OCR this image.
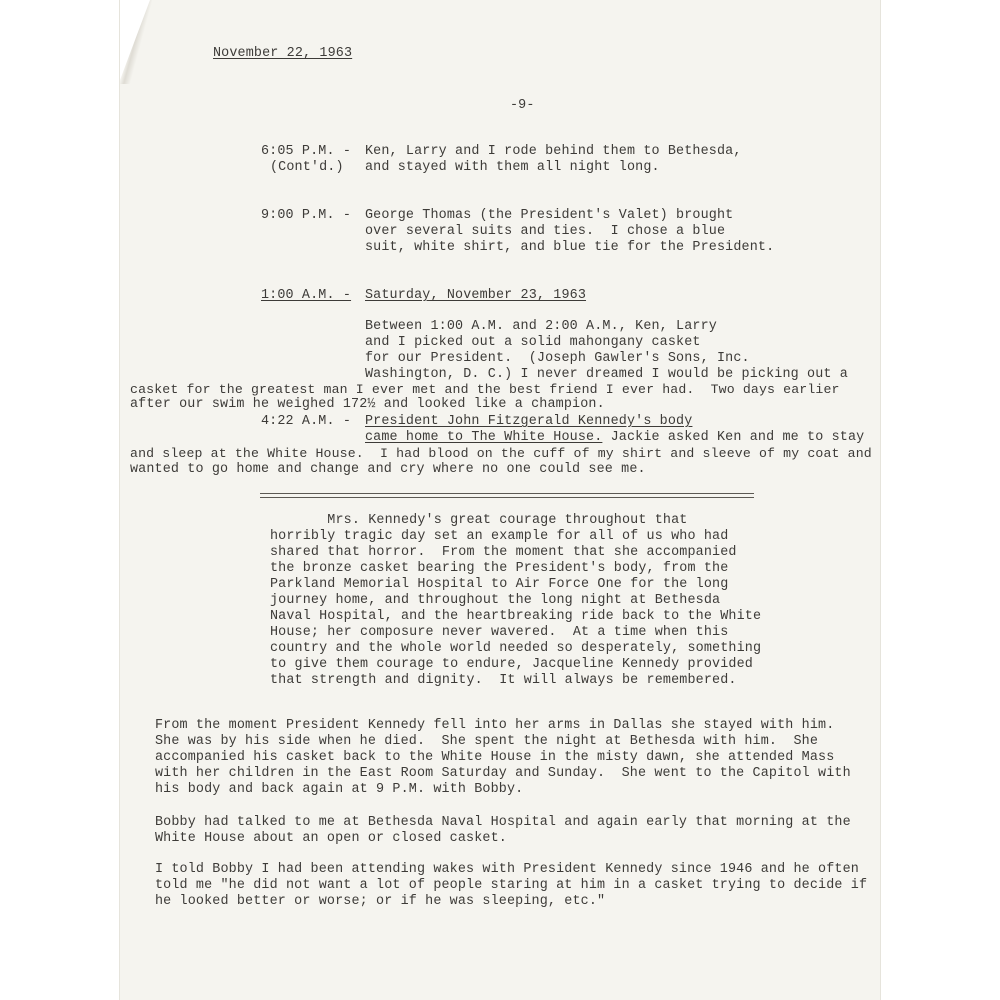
November 22, 1963
-9-
6:05 P.M. -
(Cont'd.)
Ken, Larry and I rode behind them to Bethesda,
and stayed with them all night long.
9:00 P.M. - George Thomas (the President's Valet) brought
over several suits and ties.  I chose a blue
suit, white shirt, and blue tie for the President.
1:00 A.M. - Saturday, November 23, 1963
Between 1:00 A.M. and 2:00 A.M., Ken, Larry
and I picked out a solid mahongany casket
for our President.  (Joseph Gawler's Sons, Inc.
Washington, D. C.) I never dreamed I would be picking out a
casket for the greatest man I ever met and the best friend I ever had.  Two days earlier
after our swim he weighed 172½ and looked like a champion.
4:22 A.M. - President John Fitzgerald Kennedy's body
came home to The White House. Jackie asked Ken and me to stay
and sleep at the White House.  I had blood on the cuff of my shirt and sleeve of my coat and
wanted to go home and change and cry where no one could see me.
Mrs. Kennedy's great courage throughout that
horribly tragic day set an example for all of us who had
shared that horror.  From the moment that she accompanied
the bronze casket bearing the President's body, from the
Parkland Memorial Hospital to Air Force One for the long
journey home, and throughout the long night at Bethesda
Naval Hospital, and the heartbreaking ride back to the White
House; her composure never wavered.  At a time when this
country and the whole world needed so desperately, something
to give them courage to endure, Jacqueline Kennedy provided
that strength and dignity.  It will always be remembered.
From the moment President Kennedy fell into her arms in Dallas she stayed with him.
She was by his side when he died.  She spent the night at Bethesda with him.  She
accompanied his casket back to the White House in the misty dawn, she attended Mass
with her children in the East Room Saturday and Sunday.  She went to the Capitol with
his body and back again at 9 P.M. with Bobby.
Bobby had talked to me at Bethesda Naval Hospital and again early that morning at the
White House about an open or closed casket.
I told Bobby I had been attending wakes with President Kennedy since 1946 and he often
told me "he did not want a lot of people staring at him in a casket trying to decide if
he looked better or worse; or if he was sleeping, etc."
